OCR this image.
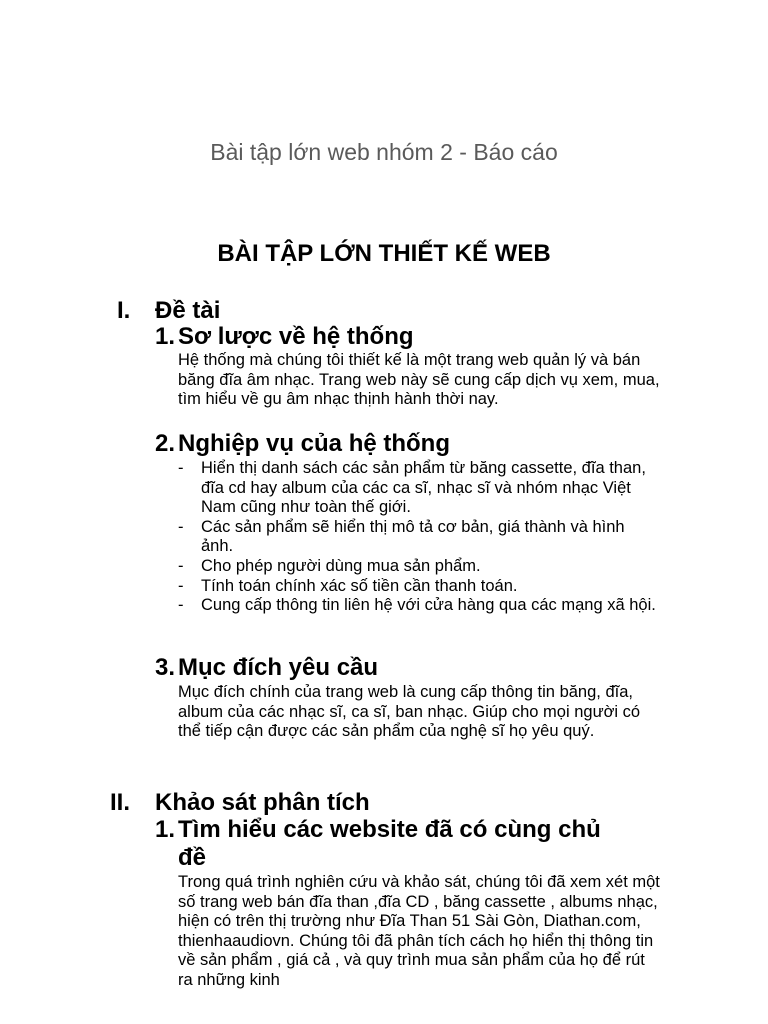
Bài tập lớn web nhóm 2 - Báo cáo
BÀI TẬP LỚN THIẾT KẾ WEB
I. Đề tài
1. Sơ lược về hệ thống
Hệ thống mà chúng tôi thiết kế là một trang web quản lý và bán băng đĩa âm nhạc. Trang web này sẽ cung cấp dịch vụ xem, mua, tìm hiểu về gu âm nhạc thịnh hành thời nay.
2. Nghiệp vụ của hệ thống
- Hiển thị danh sách các sản phẩm từ băng cassette, đĩa than, đĩa cd hay album của các ca sĩ, nhạc sĩ và nhóm nhạc Việt Nam cũng như toàn thế giới.
- Các sản phẩm sẽ hiển thị mô tả cơ bản, giá thành và hình ảnh.
- Cho phép người dùng mua sản phẩm.
- Tính toán chính xác số tiền cần thanh toán.
- Cung cấp thông tin liên hệ với cửa hàng qua các mạng xã hội.
3. Mục đích yêu cầu
Mục đích chính của trang web là cung cấp thông tin băng, đĩa, album của các nhạc sĩ, ca sĩ, ban nhạc. Giúp cho mọi người có thể tiếp cận được các sản phẩm của nghệ sĩ họ yêu quý.
II. Khảo sát phân tích
1. Tìm hiểu các website đã có cùng chủ đề
Trong quá trình nghiên cứu và khảo sát, chúng tôi đã xem xét một số trang web bán đĩa than ,đĩa CD , băng cassette , albums nhạc, hiện có trên thị trường như Đĩa Than 51 Sài Gòn, Diathan.com, thienhaaudiovn. Chúng tôi đã phân tích cách họ hiển thị thông tin về sản phẩm , giá cả , và quy trình mua sản phẩm của họ để rút ra những kinh
